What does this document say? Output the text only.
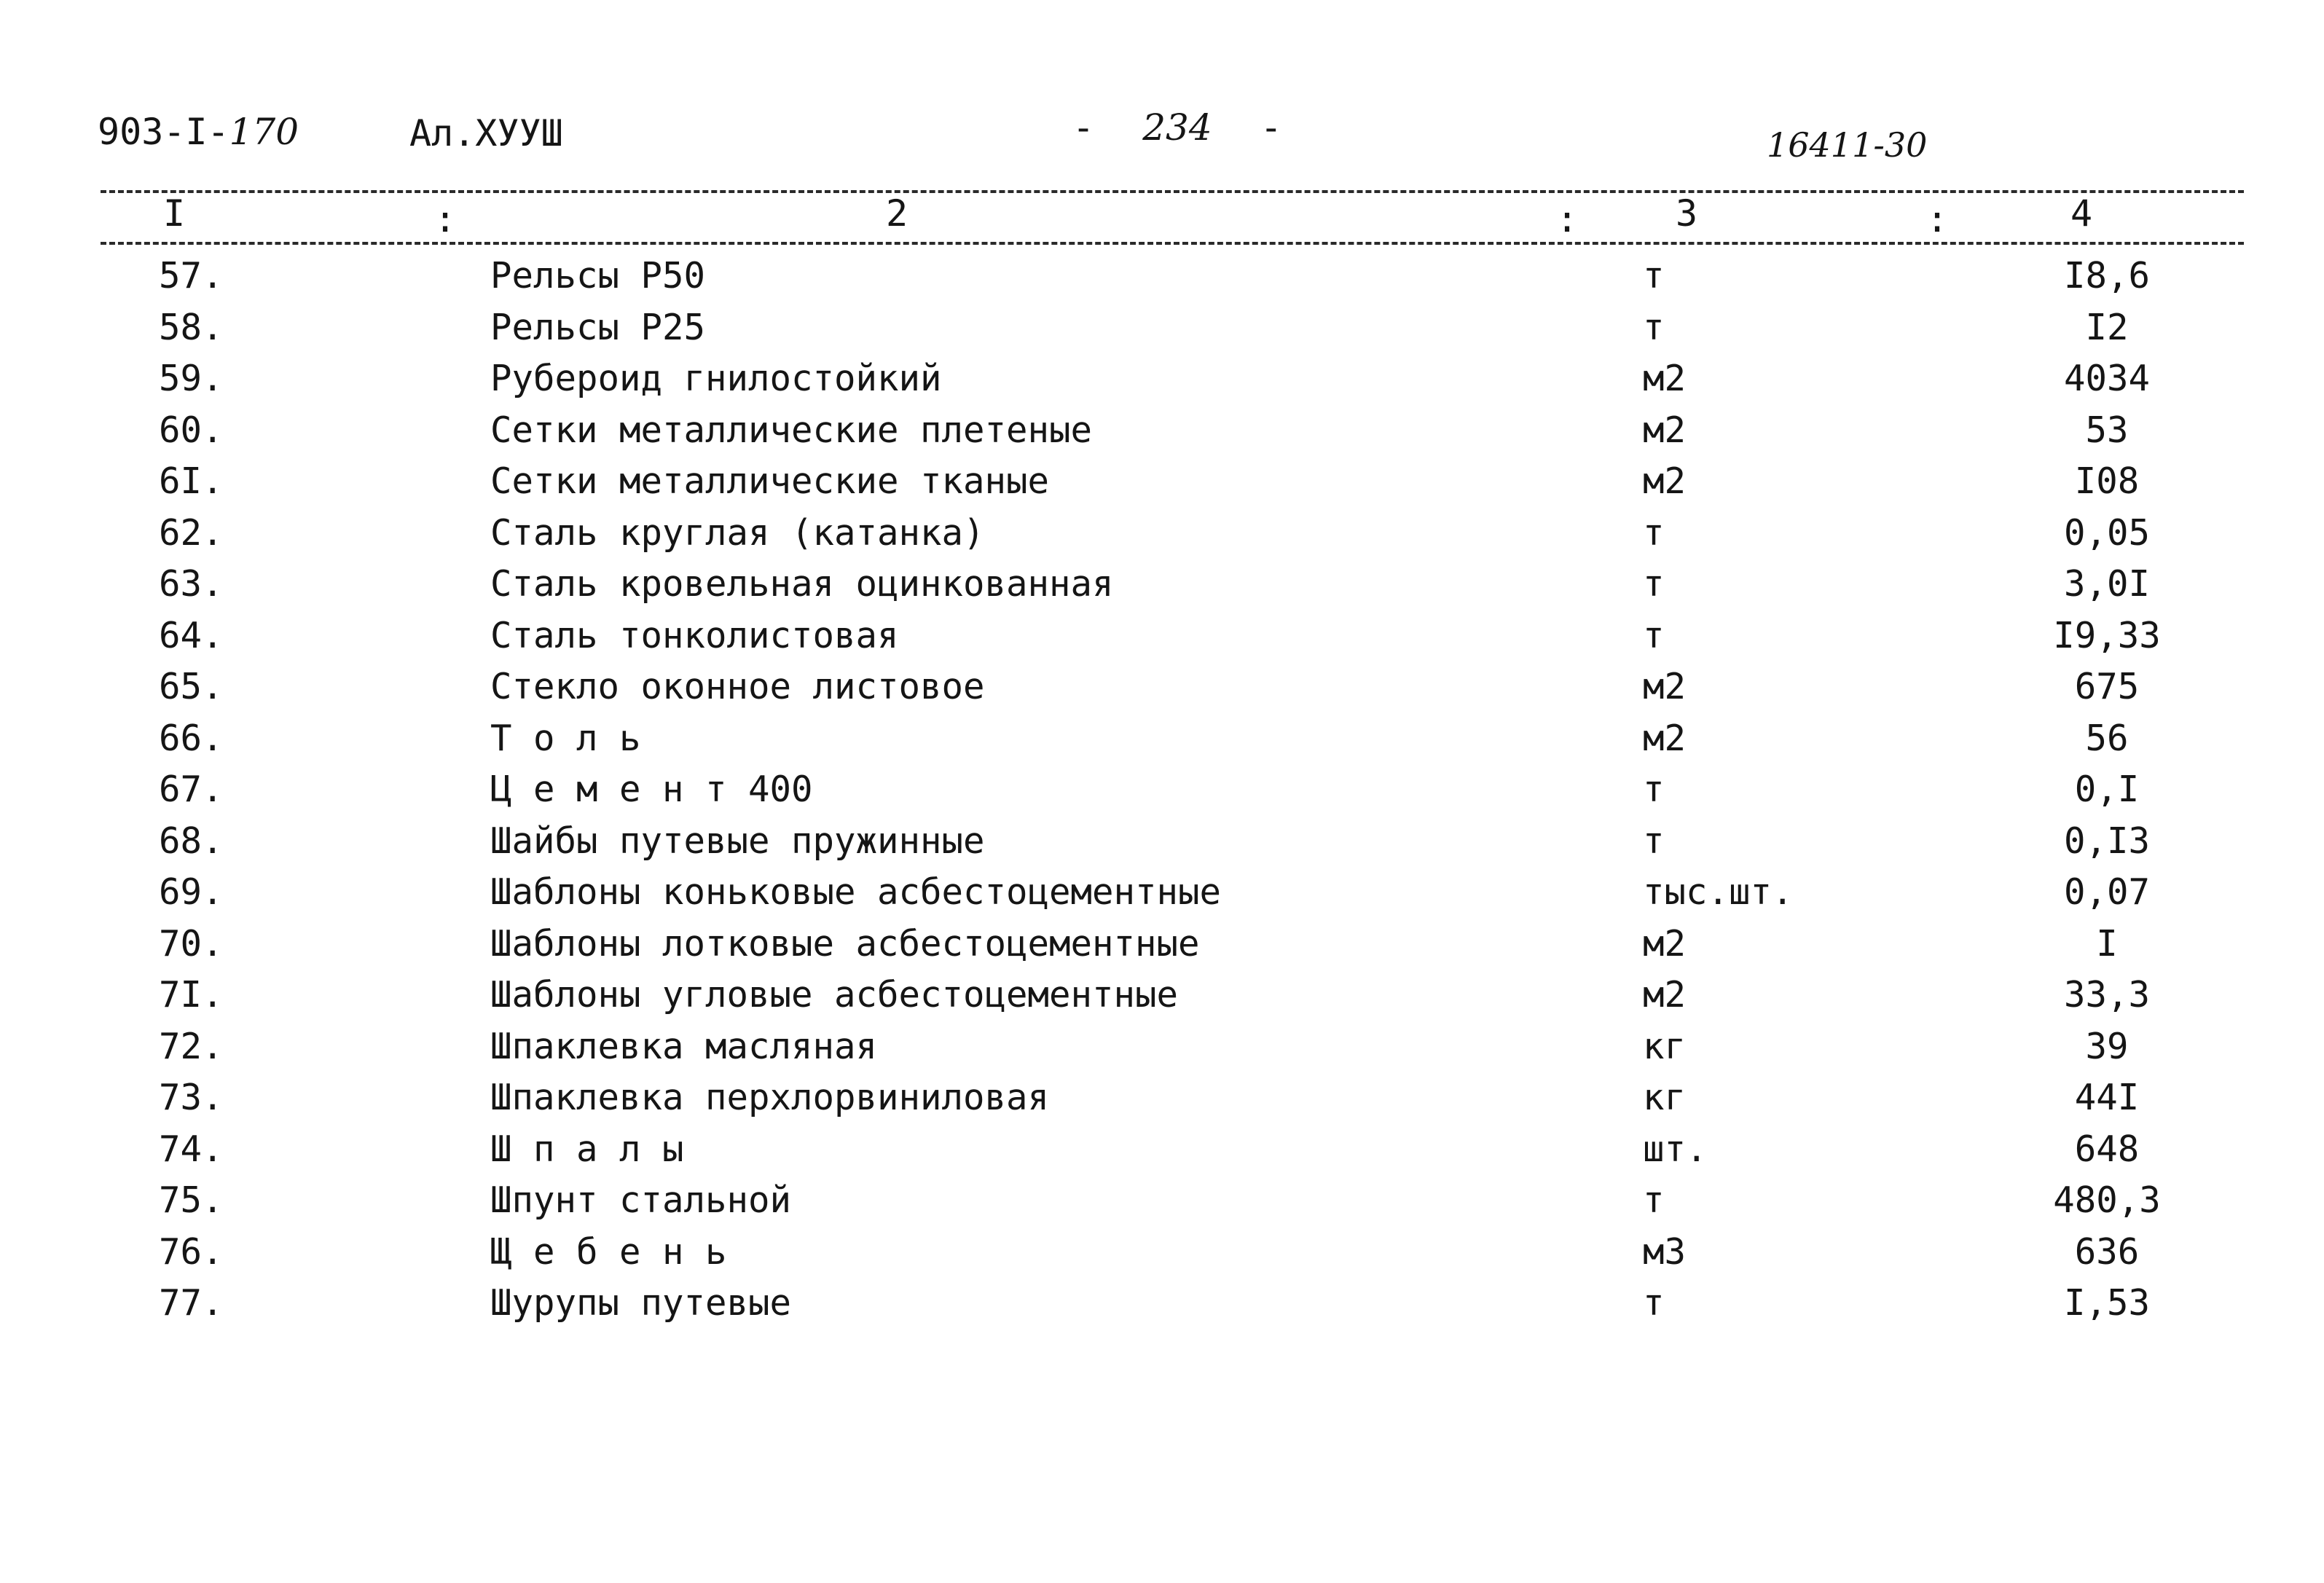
903-I-170	Ал.ХУУШ	- 234 -	16411-30
I	2	3	4
:	:	:
57.	Рельсы Р50	т	I8,6
58.	Рельсы Р25	т	I2
59.	Рубероид гнилостойкий	м2	4034
60.	Сетки металлические плетеные	м2	53
6I.	Сетки металлические тканые	м2	I08
62.	Сталь круглая (катанка)	т	0,05
63.	Сталь кровельная оцинкованная	т	3,0I
64.	Сталь тонколистовая	т	I9,33
65.	Стекло оконное листовое	м2	675
66.	Т о л ь	м2	56
67.	Ц е м е н т 400	т	0,I
68.	Шайбы путевые пружинные	т	0,I3
69.	Шаблоны коньковые асбестоцементные	тыс.шт.	0,07
70.	Шаблоны лотковые асбестоцементные	м2	I
7I.	Шаблоны угловые асбестоцементные	м2	33,3
72.	Шпаклевка масляная	кг	39
73.	Шпаклевка перхлорвиниловая	кг	44I
74.	Ш п а л ы	шт.	648
75.	Шпунт стальной	т	480,3
76.	Щ е б е н ь	м3	636
77.	Шурупы путевые	т	I,53
